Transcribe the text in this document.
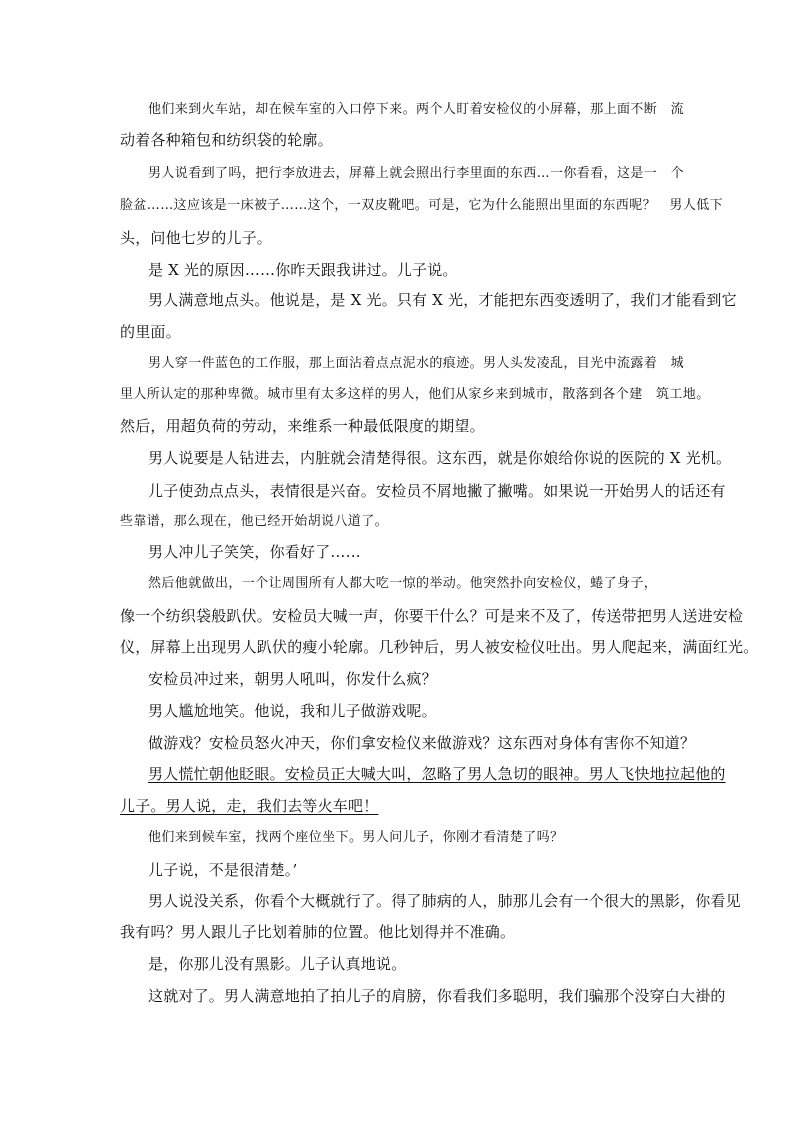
他们来到火车站，却在候车室的入口停下来。两个人盯着安检仪的小屏幕，那上面不断　流
动着各种箱包和纺织袋的轮廓。
男人说看到了吗，把行李放进去，屏幕上就会照出行李里面的东西…一你看看，这是一　个
脸盆……这应该是一床被子……这个，一双皮靴吧。可是，它为什么能照出里面的东西呢？　男人低下
头，问他七岁的儿子。
是 X 光的原因……你昨天跟我讲过。儿子说。
男人满意地点头。他说是，是 X 光。只有 X 光，才能把东西变透明了，我们才能看到它
的里面。
男人穿一件蓝色的工作服，那上面沾着点点泥水的痕迹。男人头发凌乱，目光中流露着　城
里人所认定的那种卑微。城市里有太多这样的男人，他们从家乡来到城市，散落到各个建　筑工地。
然后，用超负荷的劳动，来维系一种最低限度的期望。
男人说要是人钻进去，内脏就会清楚得很。这东西，就是你娘给你说的医院的 X 光机。
儿子使劲点点头，表情很是兴奋。安检员不屑地撇了撇嘴。如果说一开始男人的话还有
些靠谱，那么现在，他已经开始胡说八道了。
男人冲儿子笑笑，你看好了……
然后他就做出，一个让周围所有人都大吃一惊的举动。他突然扑向安检仪，蜷了身子，
像一个纺织袋般趴伏。安检员大喊一声，你要干什么？可是来不及了，传送带把男人送进安检
仪，屏幕上出现男人趴伏的瘦小轮廓。几秒钟后，男人被安检仪吐出。男人爬起来，满面红光。
安检员冲过来，朝男人吼叫，你发什么疯？
男人尴尬地笑。他说，我和儿子做游戏呢。
做游戏？安检员怒火冲天，你们拿安检仪来做游戏？这东西对身体有害你不知道？
男人慌忙朝他眨眼。安检员正大喊大叫，忽略了男人急切的眼神。男人飞快地拉起他的
儿子。男人说，走，我们去等火车吧！
他们来到候车室，找两个座位坐下。男人问儿子，你刚才看清楚了吗？
儿子说，不是很清楚。’
男人说没关系，你看个大概就行了。得了肺病的人，肺那儿会有一个很大的黑影，你看见
我有吗？男人跟儿子比划着肺的位置。他比划得并不准确。
是，你那儿没有黑影。儿子认真地说。
这就对了。男人满意地拍了拍儿子的肩膀，你看我们多聪明，我们骗那个没穿白大褂的
